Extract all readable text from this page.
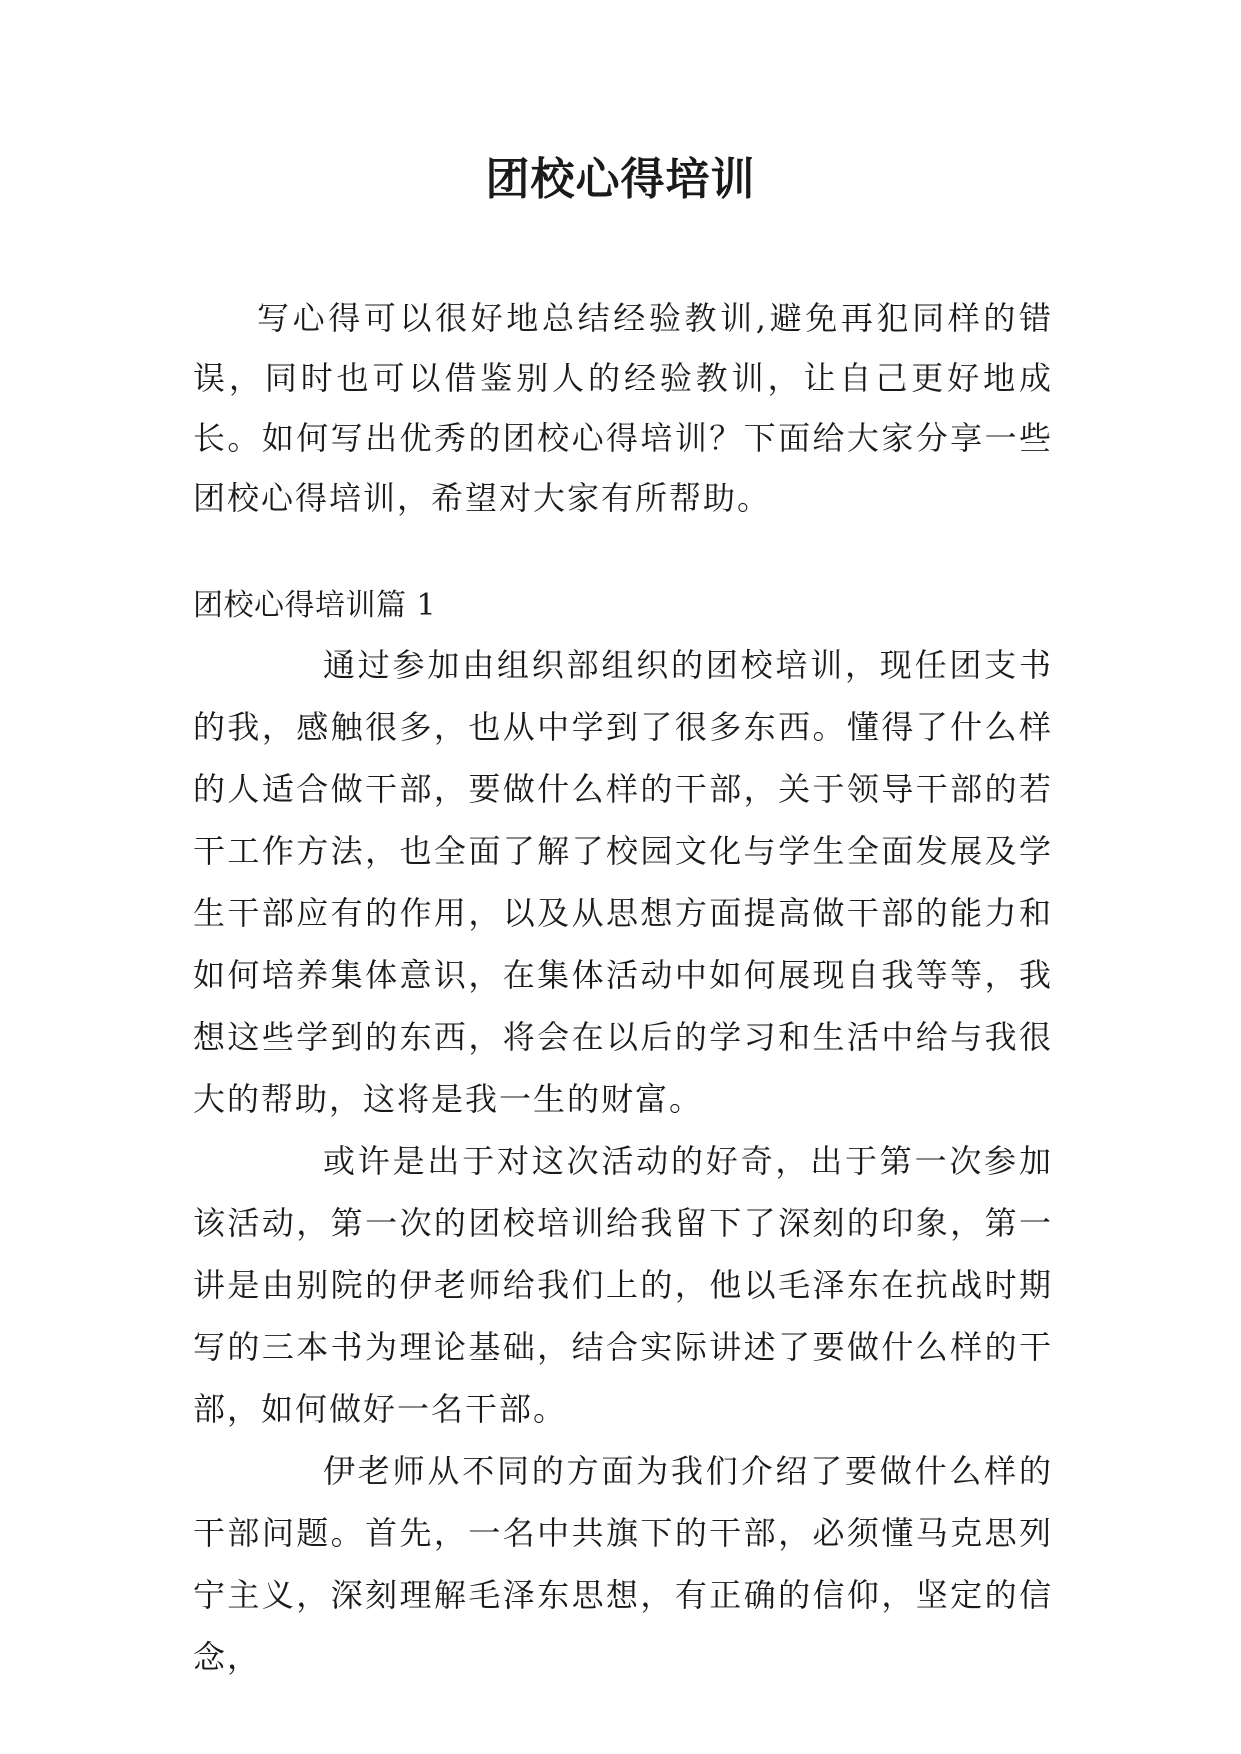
团校心得培训

写心得可以很好地总结经验教训,避免再犯同样的错误，同时也可以借鉴别人的经验教训，让自己更好地成长。如何写出优秀的团校心得培训？下面给大家分享一些团校心得培训，希望对大家有所帮助。

团校心得培训篇 1

通过参加由组织部组织的团校培训，现任团支书的我，感触很多，也从中学到了很多东西。懂得了什么样的人适合做干部，要做什么样的干部，关于领导干部的若干工作方法，也全面了解了校园文化与学生全面发展及学生干部应有的作用，以及从思想方面提高做干部的能力和如何培养集体意识，在集体活动中如何展现自我等等，我想这些学到的东西，将会在以后的学习和生活中给与我很大的帮助，这将是我一生的财富。

或许是出于对这次活动的好奇，出于第一次参加该活动，第一次的团校培训给我留下了深刻的印象，第一讲是由别院的伊老师给我们上的，他以毛泽东在抗战时期写的三本书为理论基础，结合实际讲述了要做什么样的干部，如何做好一名干部。

伊老师从不同的方面为我们介绍了要做什么样的干部问题。首先，一名中共旗下的干部，必须懂马克思列宁主义，深刻理解毛泽东思想，有正确的信仰，坚定的信念，
